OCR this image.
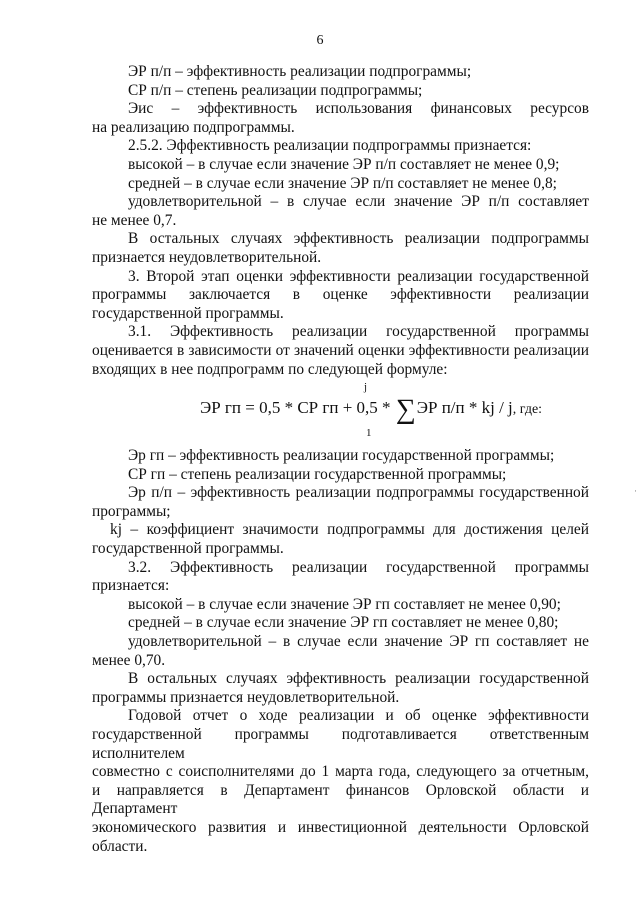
6

ЭР п/п – эффективность реализации подпрограммы;

СР п/п – степень реализации подпрограммы;

Эис – эффективность использования финансовых ресурсов

на реализацию подпрограммы.

2.5.2. Эффективность реализации подпрограммы признается:

высокой – в случае если значение ЭР п/п составляет не менее 0,9;

средней – в случае если значение ЭР п/п составляет не менее 0,8;

удовлетворительной – в случае если значение ЭР п/п составляет

не менее 0,7.

В остальных случаях эффективность реализации подпрограммы

признается неудовлетворительной.

3. Второй этап оценки эффективности реализации государственной

программы заключается в оценке эффективности реализации

государственной программы.

3.1. Эффективность реализации государственной программы

оценивается в зависимости от значений оценки эффективности реализации

входящих в нее подпрограмм по следующей формуле:

j
ЭР гп = 0,5 * СР гп + 0,5 * ∑ЭР п/п * kj / j, где:
1

Эр гп – эффективность реализации государственной программы;

СР гп – степень реализации государственной программы;

Эр п/п – эффективность реализации подпрограммы государственной

программы;

kj – коэффициент значимости подпрограммы для достижения целей

государственной программы.

3.2. Эффективность реализации государственной программы

признается:

высокой – в случае если значение ЭР гп составляет не менее 0,90;

средней – в случае если значение ЭР гп составляет не менее 0,80;

удовлетворительной – в случае если значение ЭР гп составляет не

менее 0,70.

В остальных случаях эффективность реализации государственной

программы признается неудовлетворительной.

Годовой отчет о ходе реализации и об оценке эффективности

государственной программы подготавливается ответственным исполнителем

совместно с соисполнителями до 1 марта года, следующего за отчетным,

и направляется в Департамент финансов Орловской области и Департамент

экономического развития и инвестиционной деятельности Орловской

области.

·
